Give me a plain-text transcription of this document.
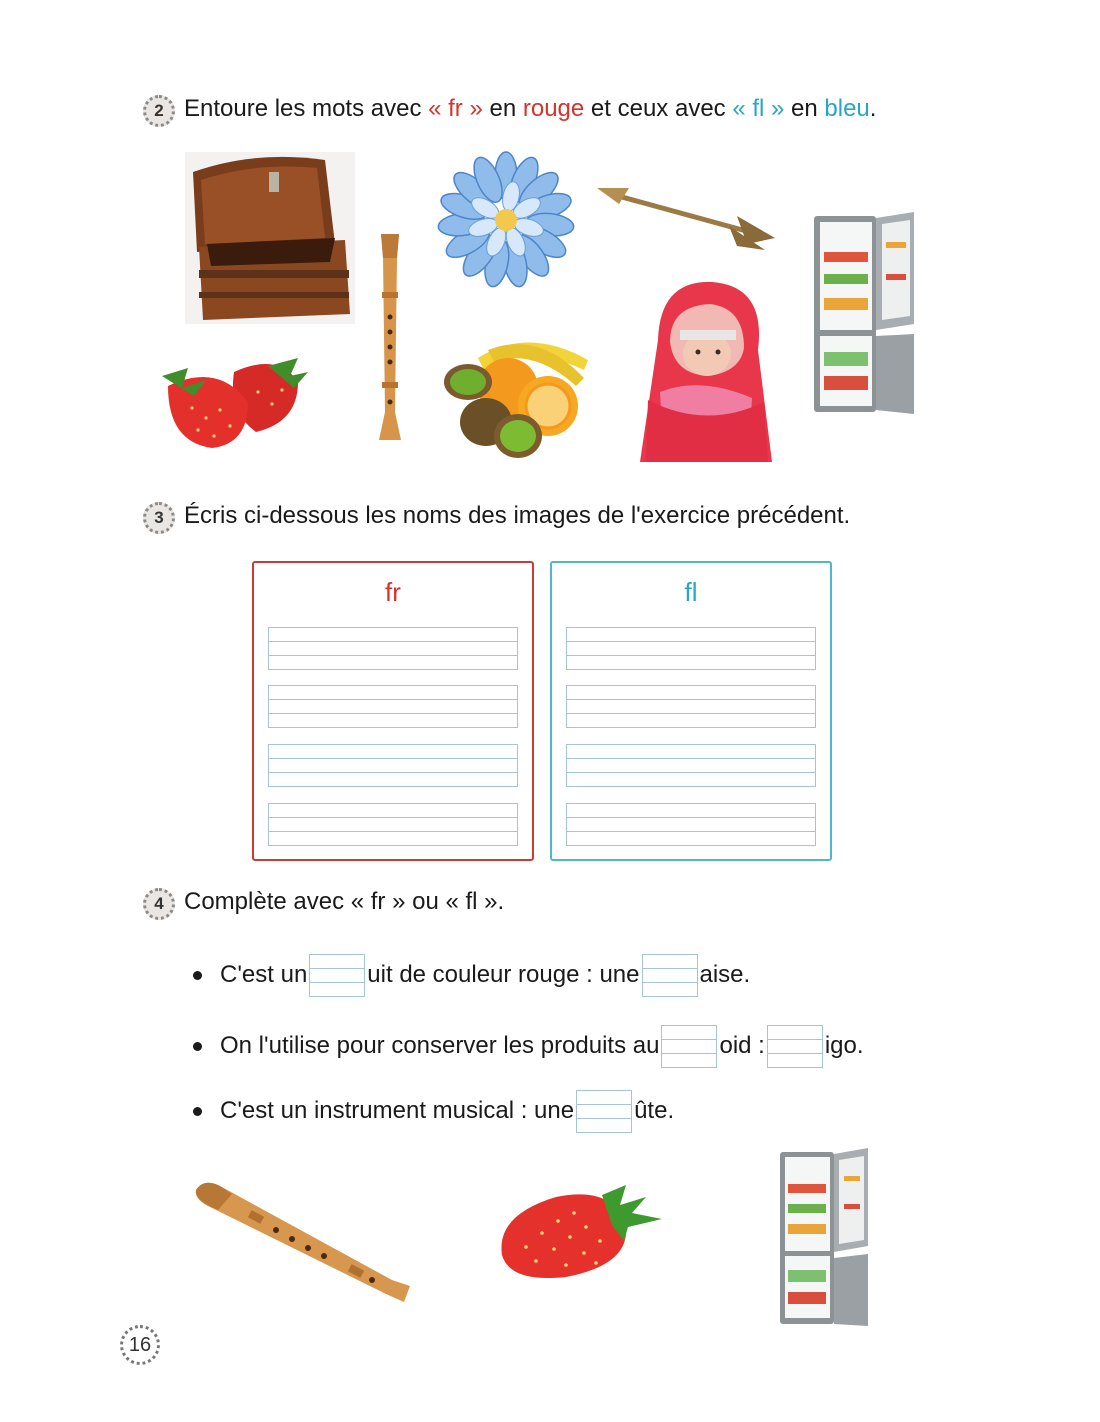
2 Entoure les mots avec « fr » en rouge et ceux avec « fl » en bleu.
3 Écris ci-dessous les noms des images de l'exercice précédent.
fr	fl
4 Complète avec « fr » ou « fl ».
C'est un	uit de couleur rouge : une	aise.
On l'utilise pour conserver les produits au	oid :	igo.
C'est un instrument musical : une	ûte.
16
